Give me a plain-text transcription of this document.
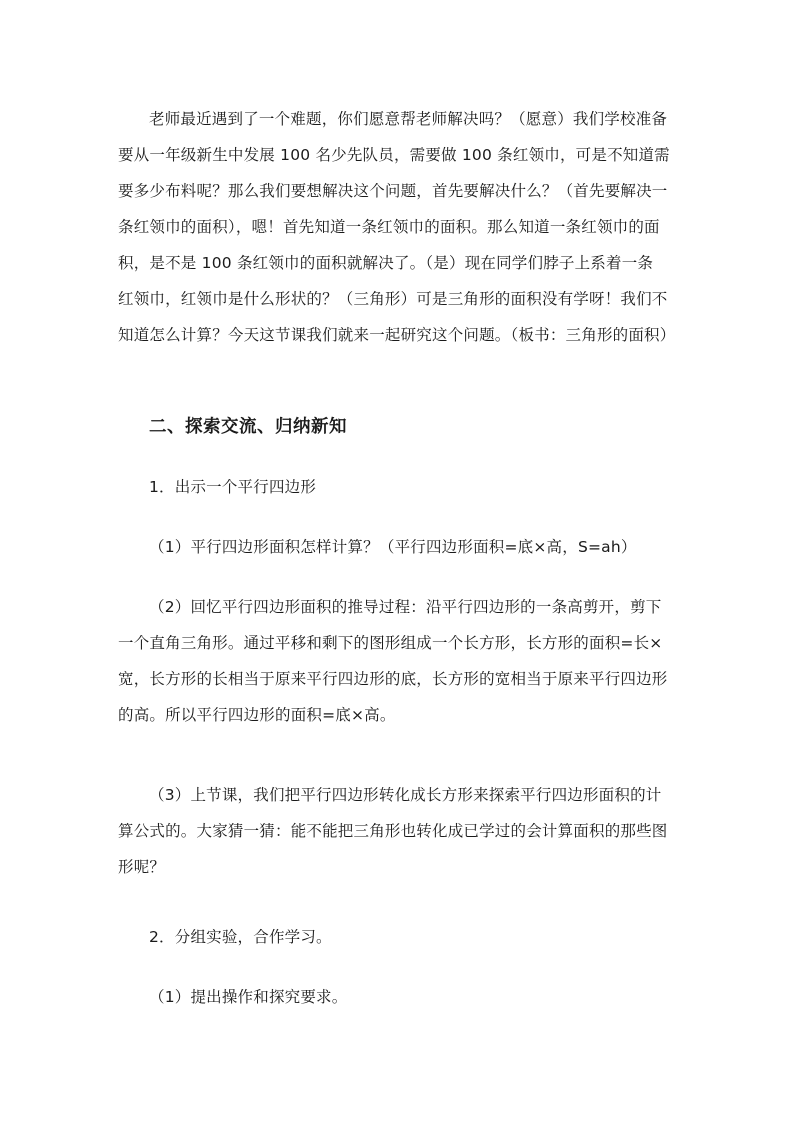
老师最近遇到了一个难题，你们愿意帮老师解决吗？（愿意）我们学校准备
要从一年级新生中发展 100 名少先队员，需要做 100 条红领巾，可是不知道需
要多少布料呢？那么我们要想解决这个问题，首先要解决什么？（首先要解决一
条红领巾的面积），嗯！首先知道一条红领巾的面积。那么知道一条红领巾的面
积，是不是 100 条红领巾的面积就解决了。（是）现在同学们脖子上系着一条
红领巾，红领巾是什么形状的？（三角形）可是三角形的面积没有学呀！我们不
知道怎么计算？今天这节课我们就来一起研究这个问题。（板书：三角形的面积）

二、探索交流、归纳新知

1．出示一个平行四边形

（1）平行四边形面积怎样计算？（平行四边形面积=底×高，S=ah）

（2）回忆平行四边形面积的推导过程：沿平行四边形的一条高剪开，剪下
一个直角三角形。通过平移和剩下的图形组成一个长方形，长方形的面积=长×
宽，长方形的长相当于原来平行四边形的底，长方形的宽相当于原来平行四边形
的高。所以平行四边形的面积=底×高。

（3）上节课，我们把平行四边形转化成长方形来探索平行四边形面积的计
算公式的。大家猜一猜：能不能把三角形也转化成已学过的会计算面积的那些图
形呢？

2．分组实验，合作学习。

（1）提出操作和探究要求。
